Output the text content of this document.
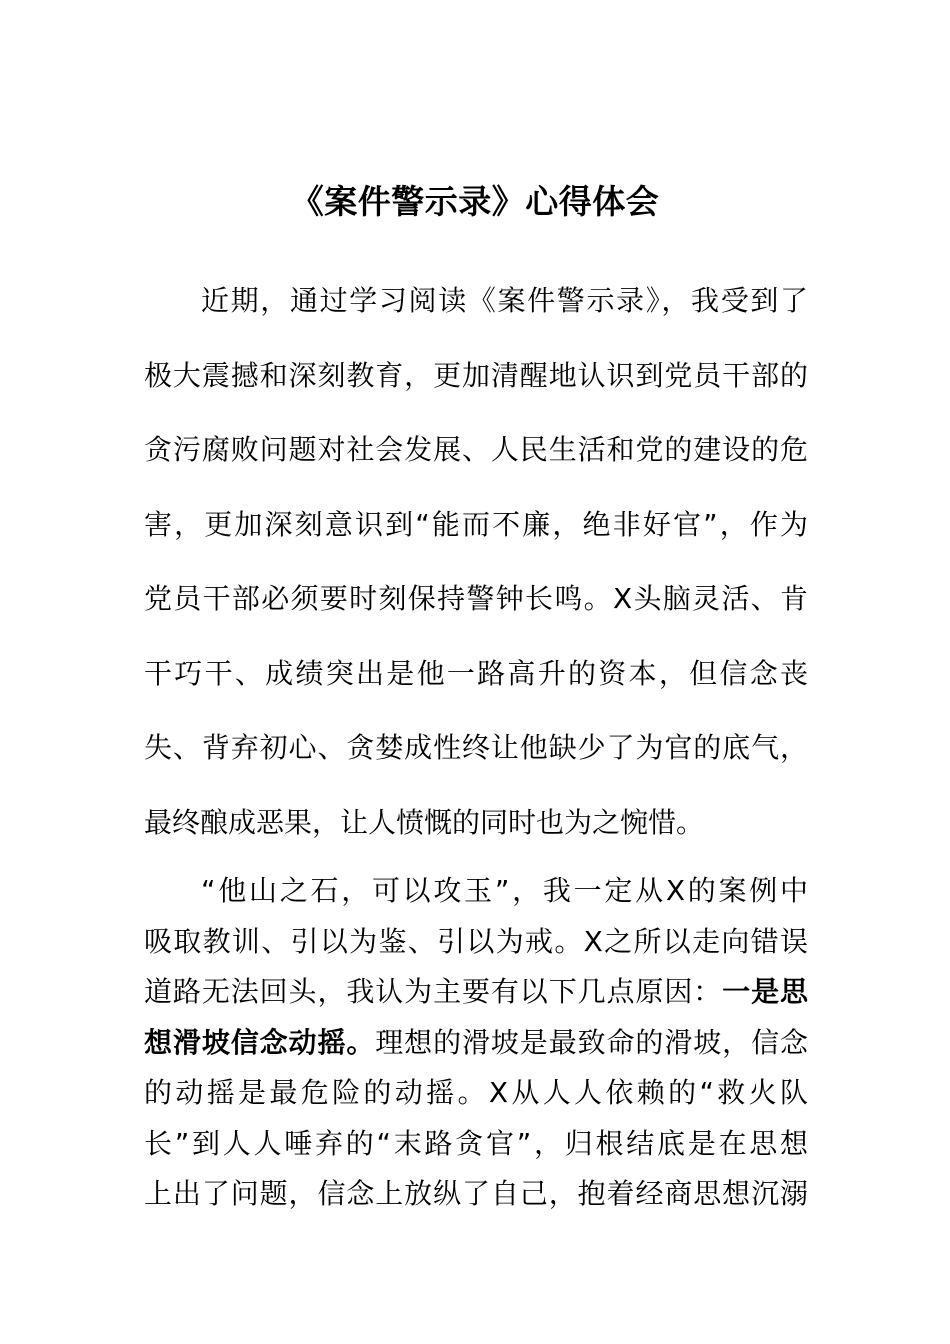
《案件警示录》心得体会
近期，通过学习阅读《案件警示录》，我受到了
极大震撼和深刻教育，更加清醒地认识到党员干部的
贪污腐败问题对社会发展、人民生活和党的建设的危
害，更加深刻意识到“能而不廉，绝非好官”，作为
党员干部必须要时刻保持警钟长鸣。X头脑灵活、肯
干巧干、成绩突出是他一路高升的资本，但信念丧
失、背弃初心、贪婪成性终让他缺少了为官的底气，
最终酿成恶果，让人愤慨的同时也为之惋惜。
“他山之石，可以攻玉”，我一定从X的案例中
吸取教训、引以为鉴、引以为戒。X之所以走向错误
道路无法回头，我认为主要有以下几点原因：一是思
想滑坡信念动摇。理想的滑坡是最致命的滑坡，信念
的动摇是最危险的动摇。X从人人依赖的“救火队
长”到人人唾弃的“末路贪官”，归根结底是在思想
上出了问题，信念上放纵了自己，抱着经商思想沉溺
